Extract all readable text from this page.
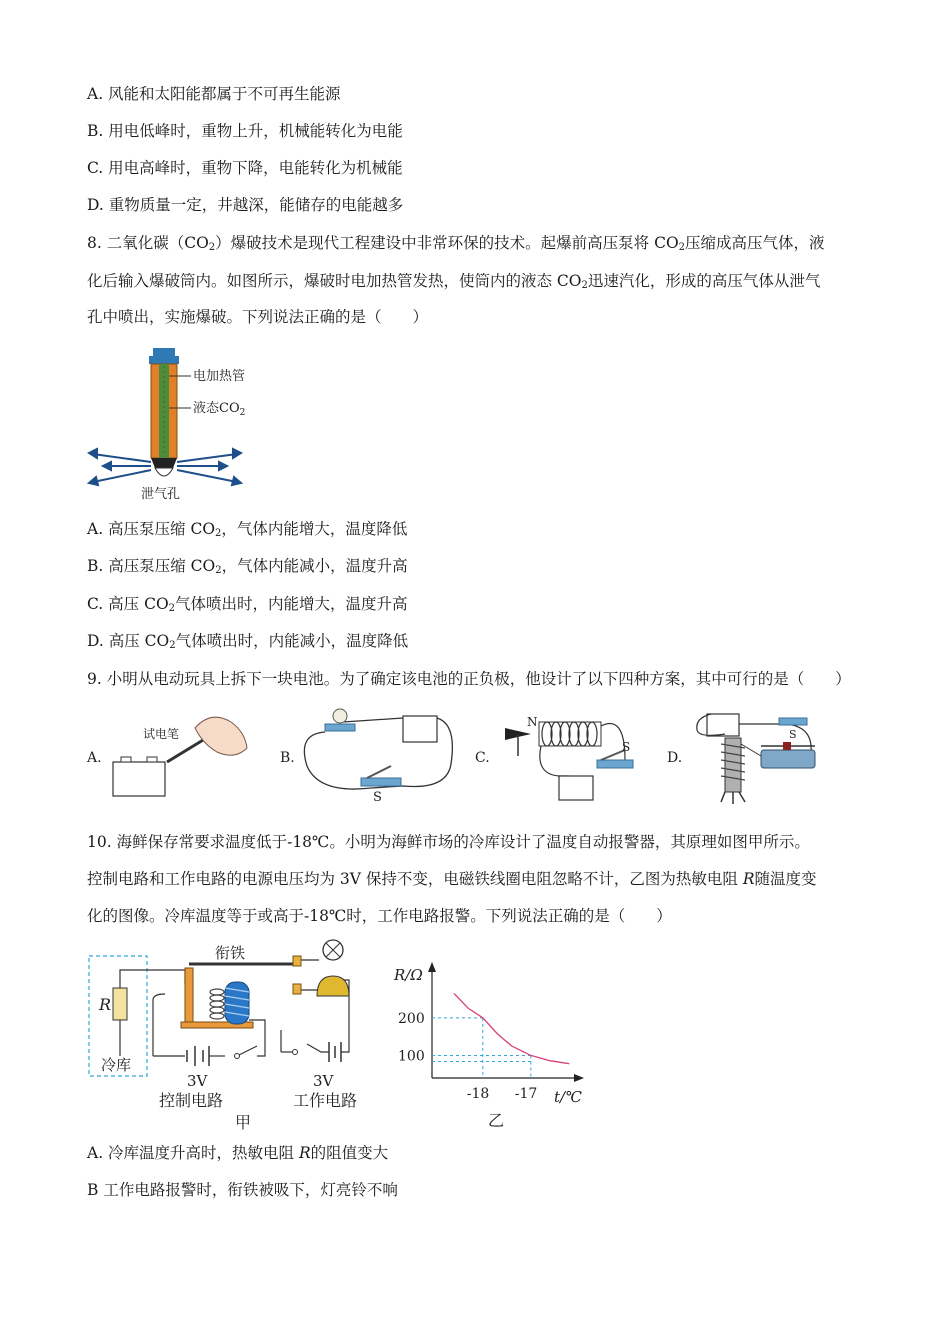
A. 风能和太阳能都属于不可再生能源
B. 用电低峰时，重物上升，机械能转化为电能
C. 用电高峰时，重物下降，电能转化为机械能
D. 重物质量一定，井越深，能储存的电能越多
8. 二氧化碳$(CO_2)$爆破技术是现代工程建设中非常环保的技术。起爆前高压泵将 $CO_2$压缩成高压气体，液
化后输入爆破筒内。如图所示，爆破时电加热管发热，使筒内的液态 $CO_2$迅速汽化，形成的高压气体从泄气
孔中喷出，实施爆破。下列说法正确的是（　　）
电加热管
液态$CO_2$
泄气孔
A. 高压泵压缩 $CO_2$，气体内能增大，温度降低
B. 高压泵压缩 $CO_2$，气体内能减小，温度升高
C. 高压 $CO_2$气体喷出时，内能增大，温度升高
D. 高压 $CO_2$气体喷出时，内能减小，温度降低
9. 小明从电动玩具上拆下一块电池。为了确定该电池的正负极，他设计了以下四种方案，其中可行的是（　　）
A.
试电笔
B.
S
C.
N
S
D.
S
10. 海鲜保存常要求温度低于-18℃。小明为海鲜市场的冷库设计了温度自动报警器，其原理如图甲所示。
控制电路和工作电路的电源电压均为 3V 保持不变，电磁铁线圈电阻忽略不计，乙图为热敏电阻 R随温度变
化的图像。冷库温度等于或高于-18℃时，工作电路报警。下列说法正确的是（　　）
R
冷库
衔铁
3V	3V
控制电路	工作电路
甲
R/Ω
t/℃
200
100
-18 -17
乙
A. 冷库温度升高时，热敏电阻 R的阻值变大
B 工作电路报警时，衔铁被吸下，灯亮铃不响
